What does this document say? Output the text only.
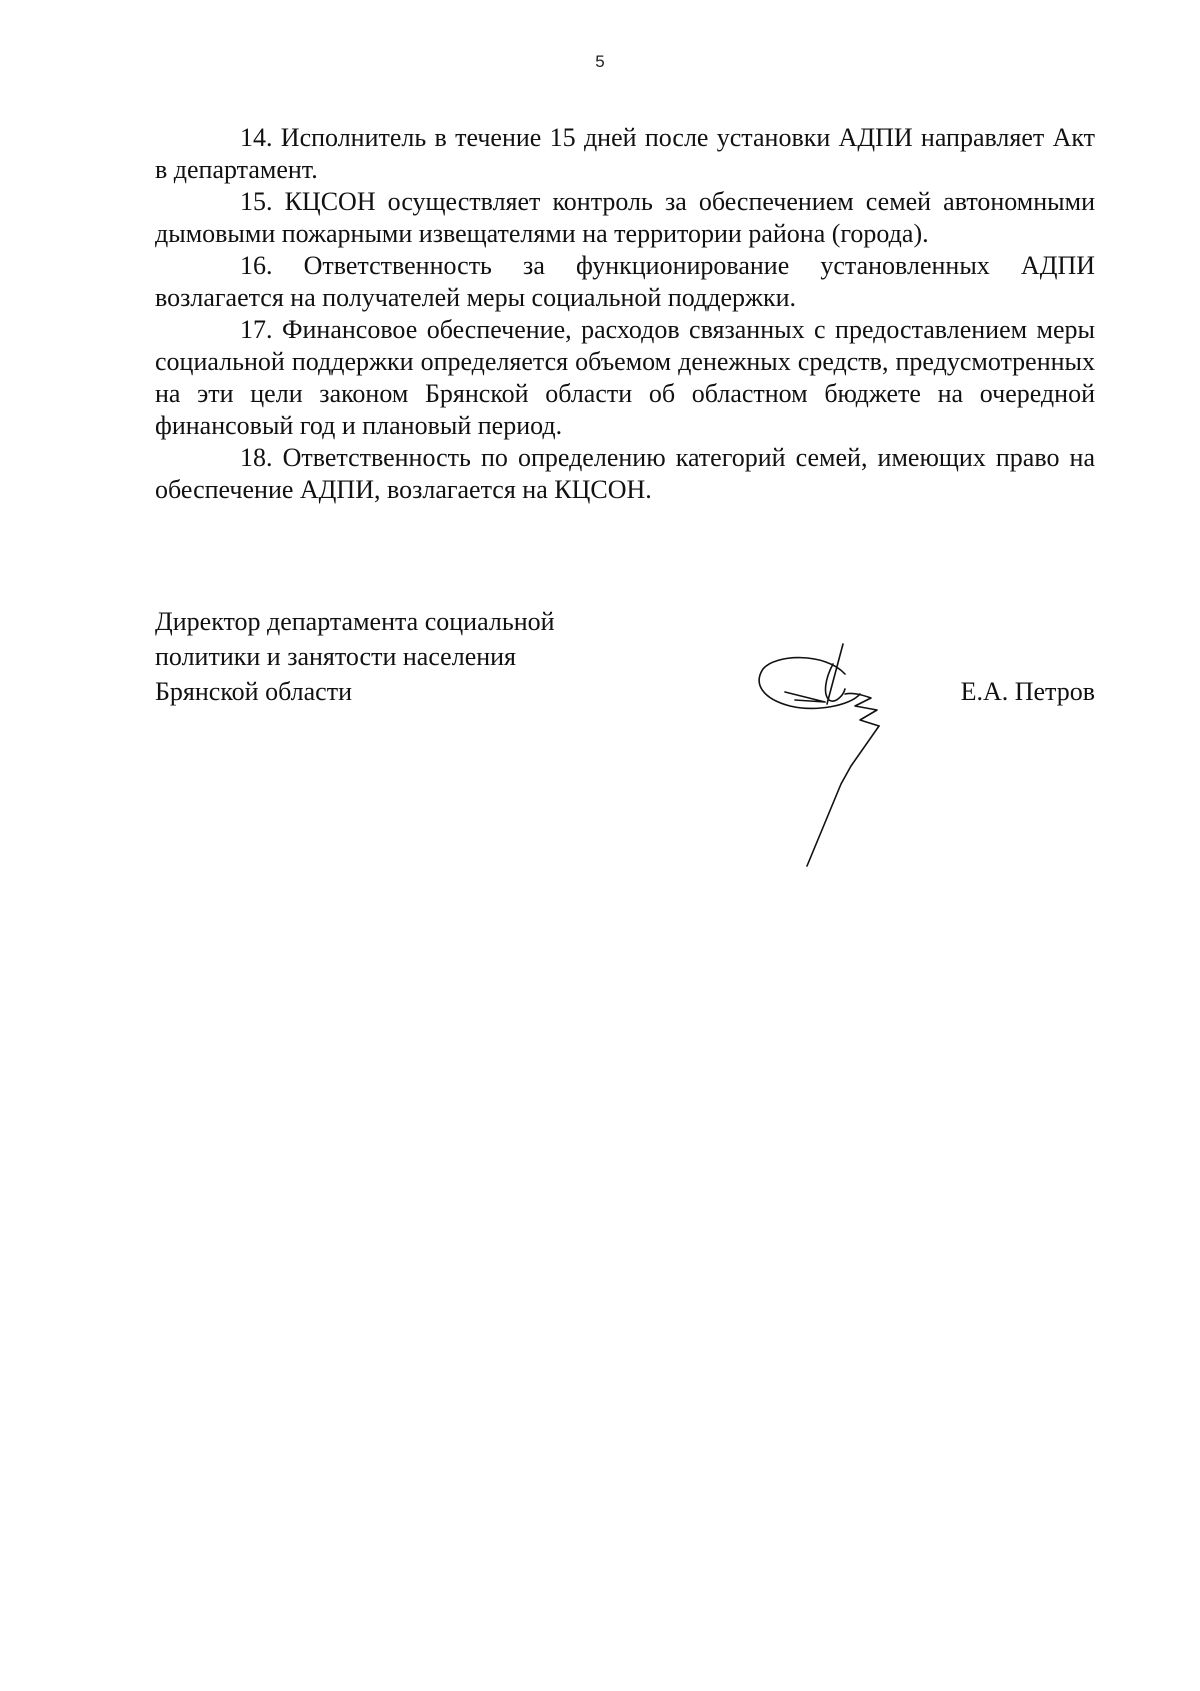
5

14. Исполнитель в течение 15 дней после установки АДПИ направляет Акт в департамент.

15. КЦСОН осуществляет контроль за обеспечением семей автономными дымовыми пожарными извещателями на территории района (города).

16. Ответственность за функционирование установленных АДПИ возлагается на получателей меры социальной поддержки.

17. Финансовое обеспечение, расходов связанных с предоставлением меры социальной поддержки определяется объемом денежных средств, предусмотренных на эти цели законом Брянской области об областном бюджете на очередной финансовый год и плановый период.

18. Ответственность по определению категорий семей, имеющих право на обеспечение АДПИ, возлагается на КЦСОН.

Директор департамента социальной
политики и занятости населения
Брянской области	Е.А. Петров
